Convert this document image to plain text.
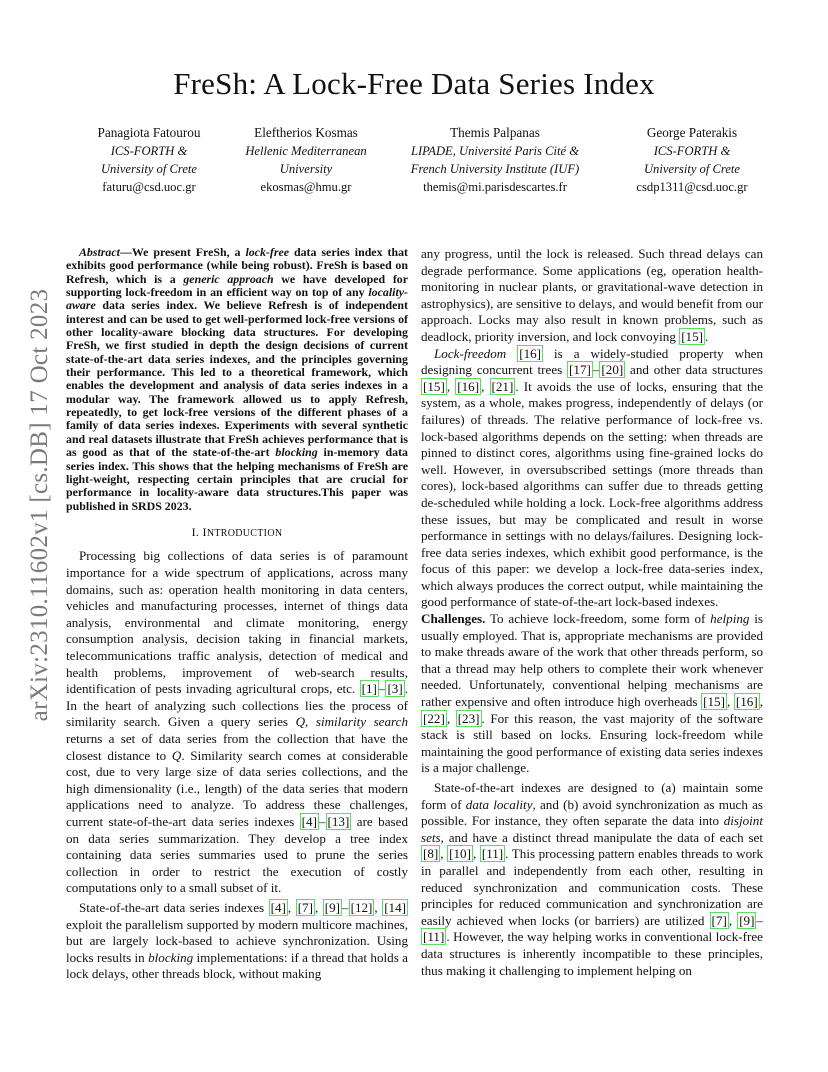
arXiv:2310.11602v1 [cs.DB] 17 Oct 2023
FreSh: A Lock-Free Data Series Index
Panagiota Fatourou
ICS-FORTH &
University of Crete
faturu@csd.uoc.gr
Eleftherios Kosmas
Hellenic Mediterranean
University
ekosmas@hmu.gr
Themis Palpanas
LIPADE, Université Paris Cité &
French University Institute (IUF)
themis@mi.parisdescartes.fr
George Paterakis
ICS-FORTH &
University of Crete
csdp1311@csd.uoc.gr

Abstract—We present FreSh, a lock-free data series index that exhibits good performance (while being robust). FreSh is based on Refresh, which is a generic approach we have developed for supporting lock-freedom in an efficient way on top of any locality-aware data series index. We believe Refresh is of independent interest and can be used to get well-performed lock-free versions of other locality-aware blocking data structures. For developing FreSh, we first studied in depth the design decisions of current state-of-the-art data series indexes, and the principles governing their performance. This led to a theoretical framework, which enables the development and analysis of data series indexes in a modular way. The framework allowed us to apply Refresh, repeatedly, to get lock-free versions of the different phases of a family of data series indexes. Experiments with several synthetic and real datasets illustrate that FreSh achieves performance that is as good as that of the state-of-the-art blocking in-memory data series index. This shows that the helping mechanisms of FreSh are light-weight, respecting certain principles that are crucial for performance in locality-aware data structures.This paper was published in SRDS 2023.

I. INTRODUCTION

Processing big collections of data series is of paramount importance for a wide spectrum of applications, across many domains, such as: operation health monitoring in data centers, vehicles and manufacturing processes, internet of things data analysis, environmental and climate monitoring, energy consumption analysis, decision taking in financial markets, telecommunications traffic analysis, detection of medical and health problems, improvement of web-search results, identification of pests invading agricultural crops, etc. [1] – [3] . In the heart of analyzing such collections lies the process of similarity search. Given a query series Q, similarity search returns a set of data series from the collection that have the closest distance to Q. Similarity search comes at considerable cost, due to very large size of data series collections, and the high dimensionality (i.e., length) of the data series that modern applications need to analyze. To address these challenges, current state-of-the-art data series indexes [4] – [13] are based on data series summarization. They develop a tree index containing data series summaries used to prune the series collection in order to restrict the execution of costly computations only to a small subset of it.

State-of-the-art data series indexes [4] , [7] , [9] – [12] , [14] exploit the parallelism supported by modern multicore machines, but are largely lock-based to achieve synchronization. Using locks results in blocking implementations: if a thread that holds a lock delays, other threads block, without making

any progress, until the lock is released. Such thread delays can degrade performance. Some applications (eg, operation health-monitoring in nuclear plants, or gravitational-wave detection in astrophysics), are sensitive to delays, and would benefit from our approach. Locks may also result in known problems, such as deadlock, priority inversion, and lock convoying [15] .

Lock-freedom [16] is a widely-studied property when designing concurrent trees [17] – [20] and other data structures [15] , [16] , [21] . It avoids the use of locks, ensuring that the system, as a whole, makes progress, independently of delays (or failures) of threads. The relative performance of lock-free vs. lock-based algorithms depends on the setting: when threads are pinned to distinct cores, algorithms using fine-grained locks do well. However, in oversubscribed settings (more threads than cores), lock-based algorithms can suffer due to threads getting de-scheduled while holding a lock. Lock-free algorithms address these issues, but may be complicated and result in worse performance in settings with no delays/failures. Designing lock-free data series indexes, which exhibit good performance, is the focus of this paper: we develop a lock-free data-series index, which always produces the correct output, while maintaining the good performance of state-of-the-art lock-based indexes.

Challenges. To achieve lock-freedom, some form of helping is usually employed. That is, appropriate mechanisms are provided to make threads aware of the work that other threads perform, so that a thread may help others to complete their work whenever needed. Unfortunately, conventional helping mechanisms are rather expensive and often introduce high overheads [15] , [16] , [22] , [23] . For this reason, the vast majority of the software stack is still based on locks. Ensuring lock-freedom while maintaining the good performance of existing data series indexes is a major challenge.

State-of-the-art indexes are designed to (a) maintain some form of data locality, and (b) avoid synchronization as much as possible. For instance, they often separate the data into disjoint sets, and have a distinct thread manipulate the data of each set [8] , [10] , [11] . This processing pattern enables threads to work in parallel and independently from each other, resulting in reduced synchronization and communication costs. These principles for reduced communication and synchronization are easily achieved when locks (or barriers) are utilized [7] , [9] –[11] . However, the way helping works in conventional lock-free data structures is inherently incompatible to these principles, thus making it challenging to implement helping on
